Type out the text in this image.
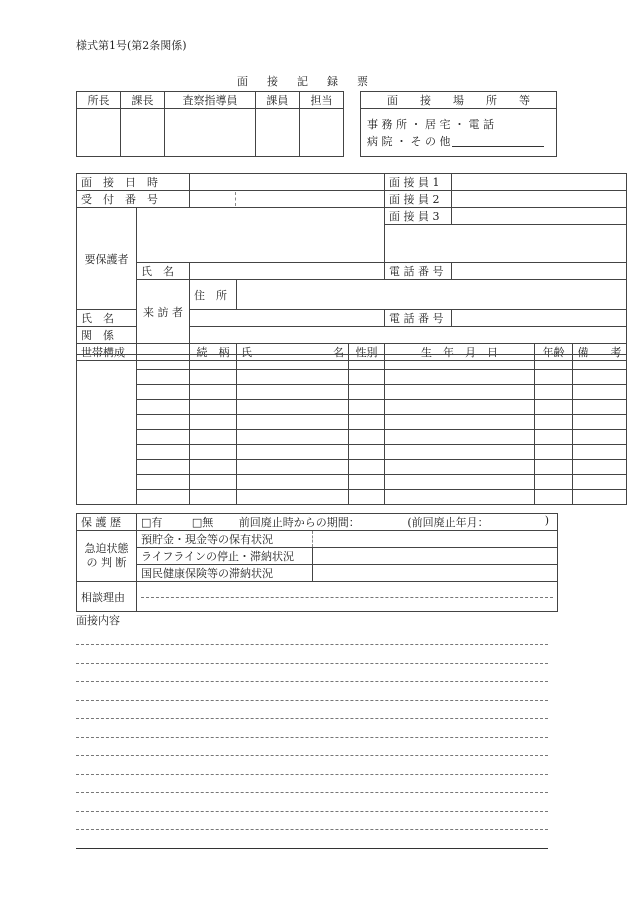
様式第1号(第2条関係)
面　接　記　録　票
所長	課長	査察指導員	課員	担当
					面　　接　　場　　所　　等

事 務 所 ・ 居 宅 ・ 電 話
病 院 ・ そ の 他
面　接　日　時					面 接 員 1			
受　付　番　号					面 接 員 2			
要保護者					面 接 員 3			

	氏　名				電 話 番 号			
	来 訪 者	住　所						
氏　名					電 話 番 号			
関　係								
世帯構成		続　柄	氏 名	性別	生　年　月　日		年齢	備　　考

保 護 歴	□有 □無 前回廃止時からの期間： (前回廃止年月： )	

急迫状態
の 判 断	預貯金・現金等の保有状況	
	ライフラインの停止・滞納状況	
	国民健康保険等の滞納状況	
相談理由		
面接内容
